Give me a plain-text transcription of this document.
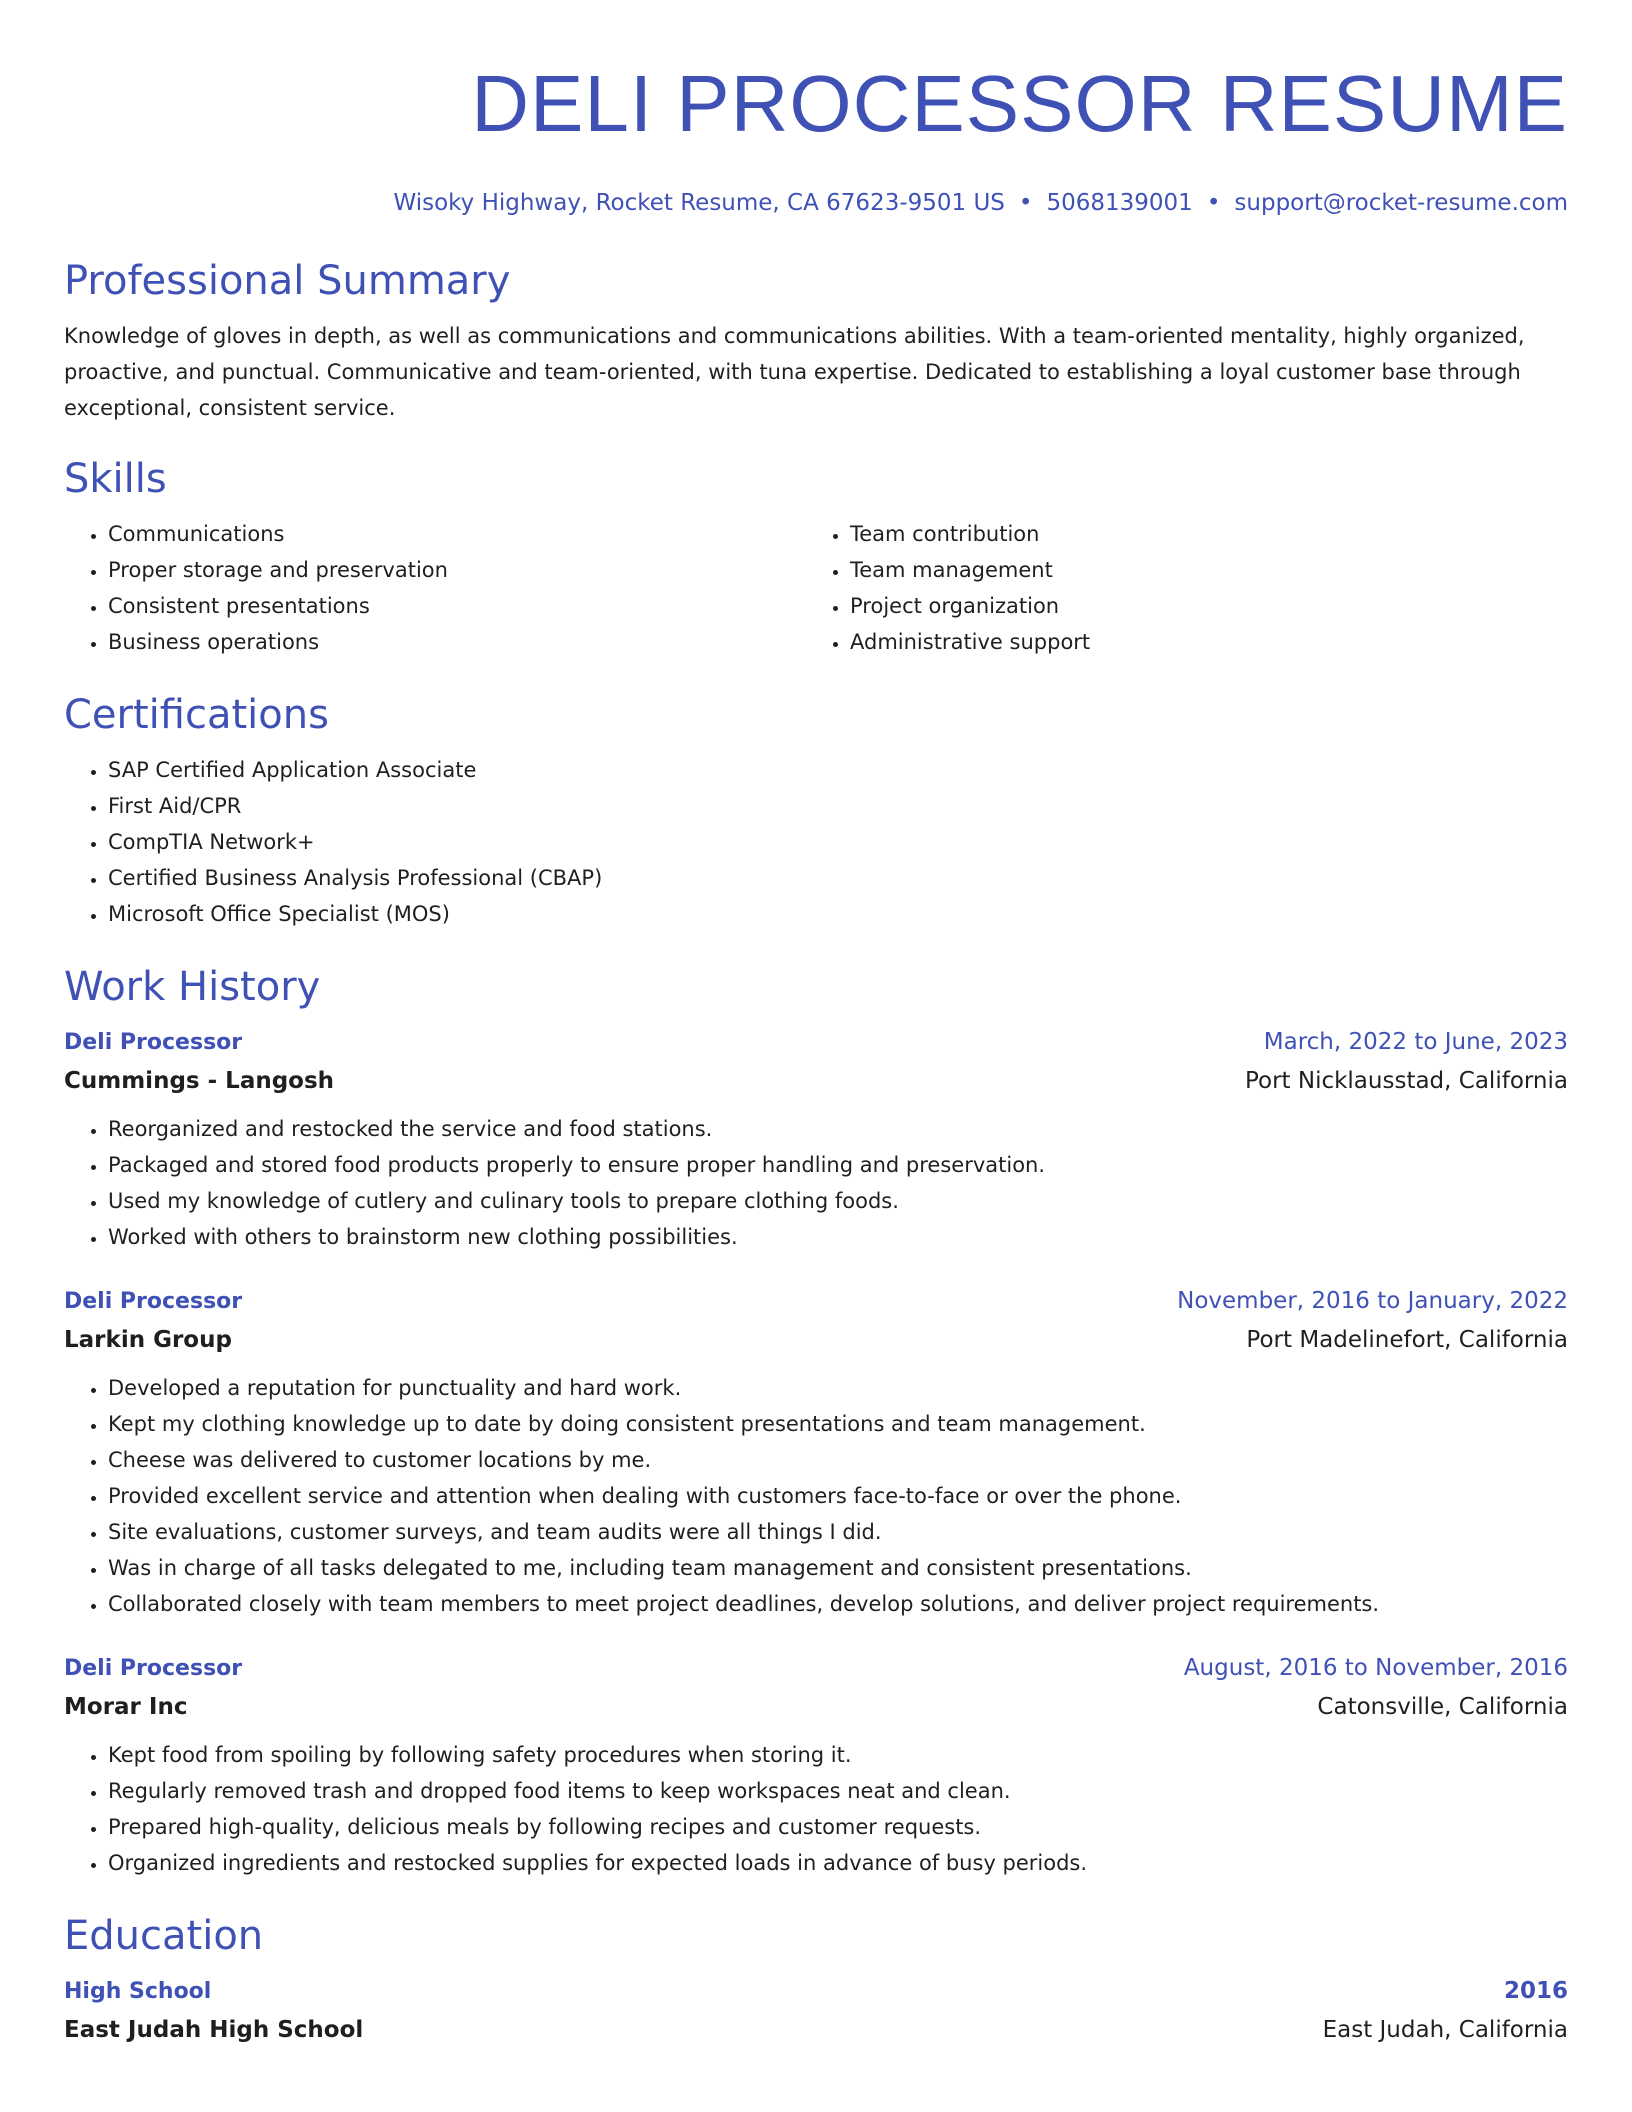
DELI PROCESSOR RESUME
Wisoky Highway, Rocket Resume, CA 67623-9501 US • 5068139001 • support@rocket-resume.com
Professional Summary

Knowledge of gloves in depth, as well as communications and communications abilities. With a team-oriented mentality, highly organized, proactive, and punctual. Communicative and team-oriented, with tuna expertise. Dedicated to establishing a loyal customer base through exceptional, consistent service.

Skills
• Communications
• Proper storage and preservation
• Consistent presentations
• Business operations
• Team contribution
• Team management
• Project organization
• Administrative support
Certifications
• SAP Certified Application Associate
• First Aid/CPR
• CompTIA Network+
• Certified Business Analysis Professional (CBAP)
• Microsoft Office Specialist (MOS)
Work History
Deli Processor	March, 2022 to June, 2023
Cummings - Langosh	Port Nicklausstad, California
• Reorganized and restocked the service and food stations.
• Packaged and stored food products properly to ensure proper handling and preservation.
• Used my knowledge of cutlery and culinary tools to prepare clothing foods.
• Worked with others to brainstorm new clothing possibilities.
Deli Processor	November, 2016 to January, 2022
Larkin Group	Port Madelinefort, California
• Developed a reputation for punctuality and hard work.
• Kept my clothing knowledge up to date by doing consistent presentations and team management.
• Cheese was delivered to customer locations by me.
• Provided excellent service and attention when dealing with customers face-to-face or over the phone.
• Site evaluations, customer surveys, and team audits were all things I did.
• Was in charge of all tasks delegated to me, including team management and consistent presentations.
• Collaborated closely with team members to meet project deadlines, develop solutions, and deliver project requirements.
Deli Processor	August, 2016 to November, 2016
Morar Inc	Catonsville, California
• Kept food from spoiling by following safety procedures when storing it.
• Regularly removed trash and dropped food items to keep workspaces neat and clean.
• Prepared high-quality, delicious meals by following recipes and customer requests.
• Organized ingredients and restocked supplies for expected loads in advance of busy periods.
Education
High School	2016
East Judah High School	East Judah, California
